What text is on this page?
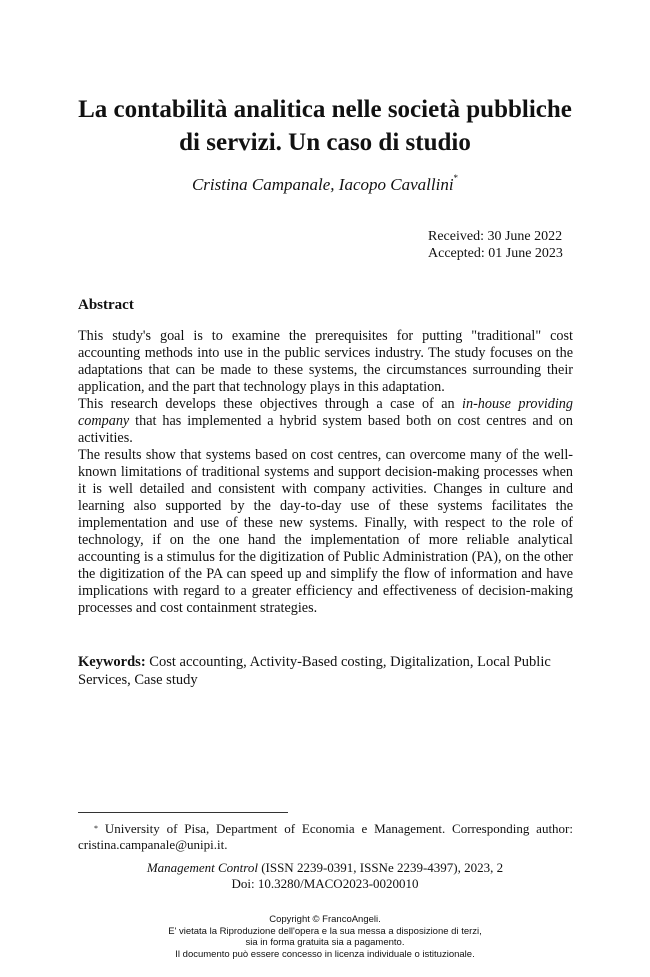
La contabilità analitica nelle società pubbliche
di servizi. Un caso di studio
Cristina Campanale, Iacopo Cavallini*
Received: 30 June 2022
Accepted: 01 June 2023
Abstract

This study's goal is to examine the prerequisites for putting "traditional" cost accounting methods into use in the public services industry. The study focuses on the adaptations that can be made to these systems, the circumstances surrounding their application, and the part that technology plays in this adaptation.

This research develops these objectives through a case of an in-house providing company that has implemented a hybrid system based both on cost centres and on activities.

The results show that systems based on cost centres, can overcome many of the well-known limitations of traditional systems and support decision-making processes when it is well detailed and consistent with company activities. Changes in culture and learning also supported by the day-to-day use of these systems facilitates the implementation and use of these new systems. Finally, with respect to the role of technology, if on the one hand the implementation of more reliable analytical accounting is a stimulus for the digitization of Public Administration (PA), on the other the digitization of the PA can speed up and simplify the flow of information and have implications with regard to a greater efficiency and effectiveness of decision-making processes and cost containment strategies.

Keywords: Cost accounting, Activity-Based costing, Digitalization, Local Public Services, Case study
* University of Pisa, Department of Economia e Management. Corresponding author: cristina.campanale@unipi.it.
Management Control (ISSN 2239-0391, ISSNe 2239-4397), 2023, 2
Doi: 10.3280/MACO2023-0020010
Copyright © FrancoAngeli.
E' vietata la Riproduzione dell'opera e la sua messa a disposizione di terzi,
sia in forma gratuita sia a pagamento.
Il documento può essere concesso in licenza individuale o istituzionale.
